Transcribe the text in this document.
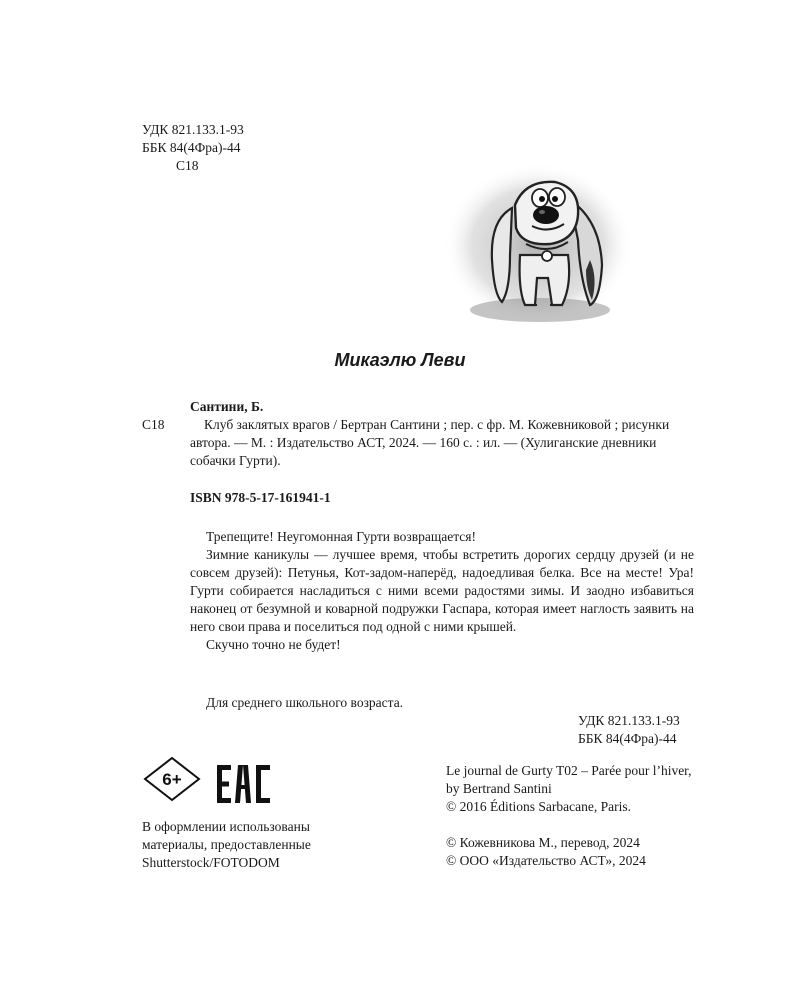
УДК 821.133.1-93
ББК 84(4Фра)-44
С18
Микаэлю Леви
Сантини, Б.
С18	Клуб заклятых врагов / Бертран Сантини ; пер. с фр. М. Кожевниковой ; рисунки
автора. — М. : Издательство АСТ, 2024. — 160 с. : ил. — (Хулиганские дневники
собачки Гурти).
ISBN 978-5-17-161941-1

Трепещите! Неугомонная Гурти возвращается!

Зимние каникулы — лучшее время, чтобы встретить дорогих сердцу друзей (и не совсем друзей): Петунья, Кот-задом-наперёд, надоедливая белка. Все на месте! Ура! Гурти собирается насладиться с ними всеми радостями зимы. И заодно избавиться наконец от безумной и коварной подружки Гаспара, которая имеет наглость заявить на него свои права и поселиться под одной с ними крышей.

Скучно точно не будет!

Для среднего школьного возраста.
УДК 821.133.1-93
ББК 84(4Фра)-44
6+
В оформлении использованы
материалы, предоставленные
Shutterstock/FOTODOM
Le journal de Gurty T02 – Parée pour l’hiver,
by Bertrand Santini
© 2016 Éditions Sarbacane, Paris.
© Кожевникова М., перевод, 2024
© ООО «Издательство АСТ», 2024
